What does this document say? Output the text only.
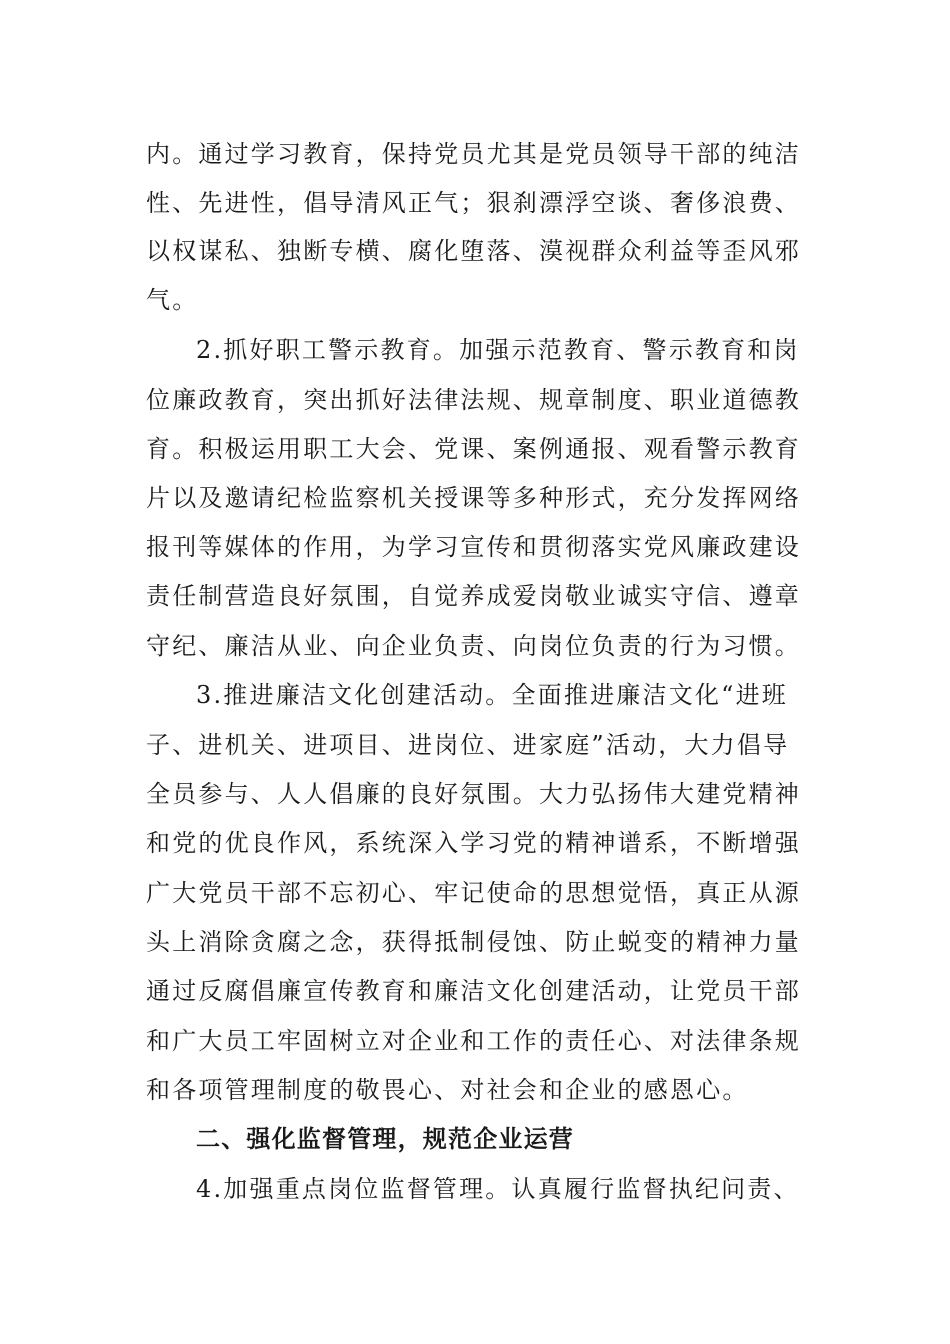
内。通过学习教育，保持党员尤其是党员领导干部的纯洁
性、先进性，倡导清风正气；狠刹漂浮空谈、奢侈浪费、
以权谋私、独断专横、腐化堕落、漠视群众利益等歪风邪
气。
2.抓好职工警示教育。加强示范教育、警示教育和岗
位廉政教育，突出抓好法律法规、规章制度、职业道德教
育。积极运用职工大会、党课、案例通报、观看警示教育
片以及邀请纪检监察机关授课等多种形式，充分发挥网络
报刊等媒体的作用，为学习宣传和贯彻落实党风廉政建设
责任制营造良好氛围，自觉养成爱岗敬业诚实守信、遵章
守纪、廉洁从业、向企业负责、向岗位负责的行为习惯。
3.推进廉洁文化创建活动。全面推进廉洁文化“进班
子、进机关、进项目、进岗位、进家庭”活动，大力倡导
全员参与、人人倡廉的良好氛围。大力弘扬伟大建党精神
和党的优良作风，系统深入学习党的精神谱系，不断增强
广大党员干部不忘初心、牢记使命的思想觉悟，真正从源
头上消除贪腐之念，获得抵制侵蚀、防止蜕变的精神力量
通过反腐倡廉宣传教育和廉洁文化创建活动，让党员干部
和广大员工牢固树立对企业和工作的责任心、对法律条规
和各项管理制度的敬畏心、对社会和企业的感恩心。
二、强化监督管理，规范企业运营
4.加强重点岗位监督管理。认真履行监督执纪问责、
